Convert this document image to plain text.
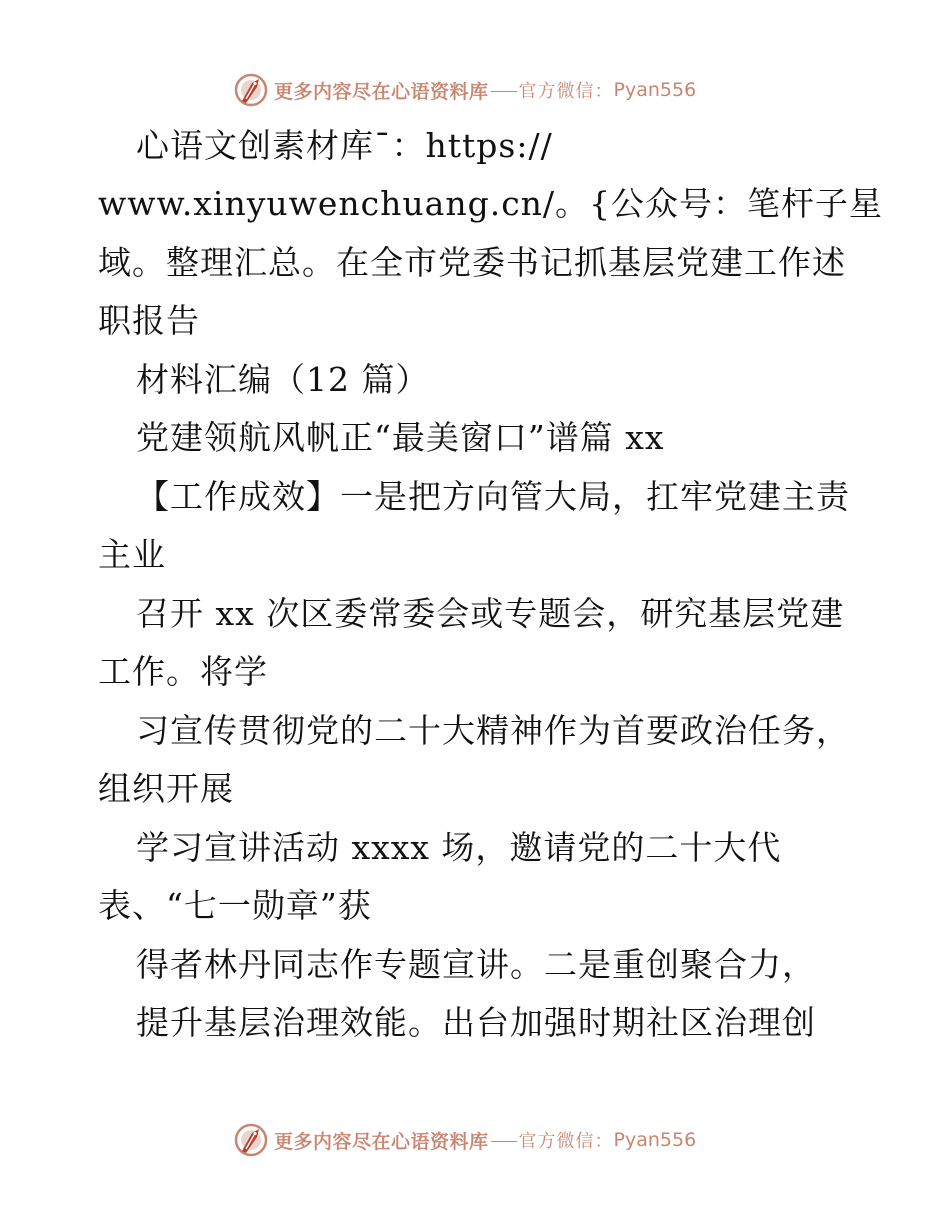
更多内容尽在心语资料库 官方微信： Pyan556
心语文创素材库¯：https://
www.xinyuwenchuang.cn/。{公众号：笔杆子星
域。整理汇总。在全市党委书记抓基层党建工作述
职报告
材料汇编（12 篇）
党建领航风帆正“最美窗口”谱篇 xx
【工作成效】一是把方向管大局，扛牢党建主责
主业
召开 xx 次区委常委会或专题会，研究基层党建
工作。将学
习宣传贯彻党的二十大精神作为首要政治任务，
组织开展
学习宣讲活动 xxxx 场，邀请党的二十大代
表、“七一勋章”获
得者林丹同志作专题宣讲。二是重创聚合力，
提升基层治理效能。出台加强时期社区治理创
更多内容尽在心语资料库 官方微信： Pyan556
